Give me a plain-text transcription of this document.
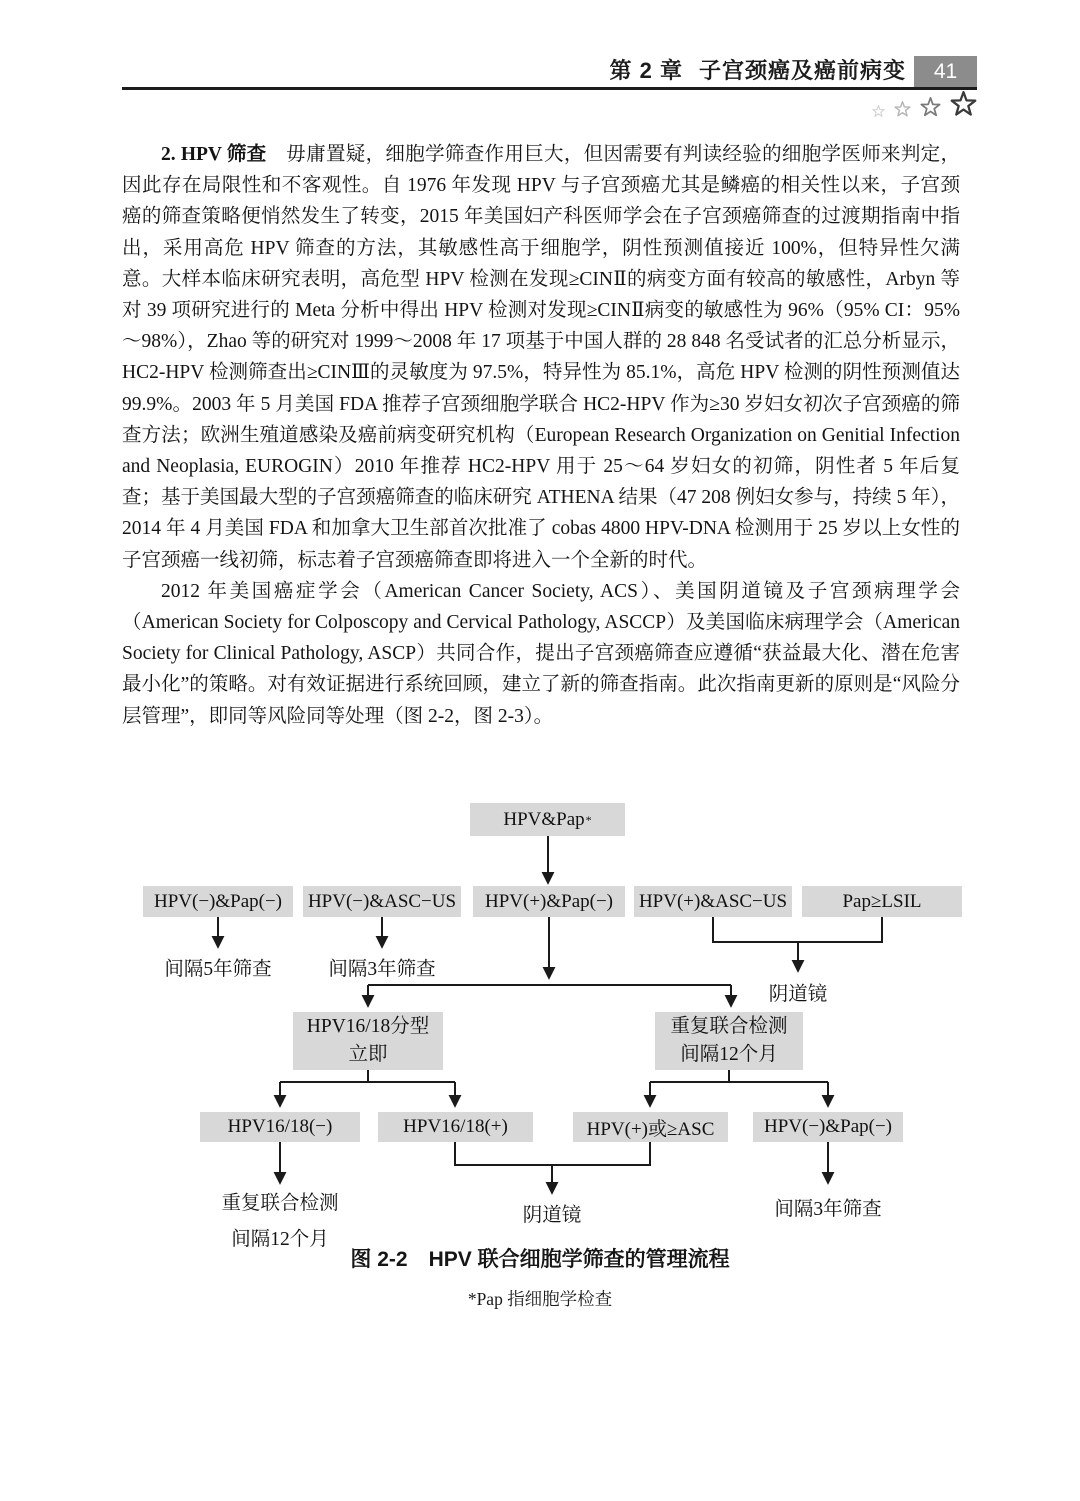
第 2 章 子宫颈癌及癌前病变	41

2. HPV 筛查　毋庸置疑，细胞学筛查作用巨大，但因需要有判读经验的细胞学医师来判定，因此存在局限性和不客观性。自 1976 年发现 HPV 与子宫颈癌尤其是鳞癌的相关性以来，子宫颈癌的筛查策略便悄然发生了转变，2015 年美国妇产科医师学会在子宫颈癌筛查的过渡期指南中指出，采用高危 HPV 筛查的方法，其敏感性高于细胞学，阴性预测值接近 100%，但特异性欠满意。大样本临床研究表明，高危型 HPV 检测在发现≥CINⅡ的病变方面有较高的敏感性，Arbyn 等对 39 项研究进行的 Meta 分析中得出 HPV 检测对发现≥CINⅡ病变的敏感性为 96%（95% CI：95%～98%），Zhao 等的研究对 1999～2008 年 17 项基于中国人群的 28 848 名受试者的汇总分析显示，HC2-HPV 检测筛查出≥CINⅢ的灵敏度为 97.5%，特异性为 85.1%，高危 HPV 检测的阴性预测值达 99.9%。2003 年 5 月美国 FDA 推荐子宫颈细胞学联合 HC2-HPV 作为≥30 岁妇女初次子宫颈癌的筛查方法；欧洲生殖道感染及癌前病变研究机构（European Research Organization on Genitial Infection and Neoplasia, EUROGIN）2010 年推荐 HC2-HPV 用于 25～64 岁妇女的初筛，阴性者 5 年后复查；基于美国最大型的子宫颈癌筛查的临床研究 ATHENA 结果（47 208 例妇女参与，持续 5 年），2014 年 4 月美国 FDA 和加拿大卫生部首次批准了 cobas 4800 HPV-DNA 检测用于 25 岁以上女性的子宫颈癌一线初筛，标志着子宫颈癌筛查即将进入一个全新的时代。

2012 年美国癌症学会（American Cancer Society, ACS）、美国阴道镜及子宫颈病理学会（American Society for Colposcopy and Cervical Pathology, ASCCP）及美国临床病理学会（American Society for Clinical Pathology, ASCP）共同合作，提出子宫颈癌筛查应遵循“获益最大化、潜在危害最小化”的策略。对有效证据进行系统回顾，建立了新的筛查指南。此次指南更新的原则是“风险分层管理”，即同等风险同等处理（图 2-2，图 2-3）。

HPV&Pap *
HPV(−)&Pap(−)	HPV(−)&ASC−US	HPV(+)&Pap(−)	HPV(+)&ASC−US	Pap≥LSIL
间隔5年筛查	间隔3年筛查
阴道镜
HPV16/18分型
立即
重复联合检测
间隔12个月
HPV16/18(−)	HPV16/18(+)	HPV(+)或≥ASC	HPV(−)&Pap(−)
重复联合检测
间隔12个月
阴道镜	间隔3年筛查
图 2-2　HPV 联合细胞学筛查的管理流程
*Pap 指细胞学检查
